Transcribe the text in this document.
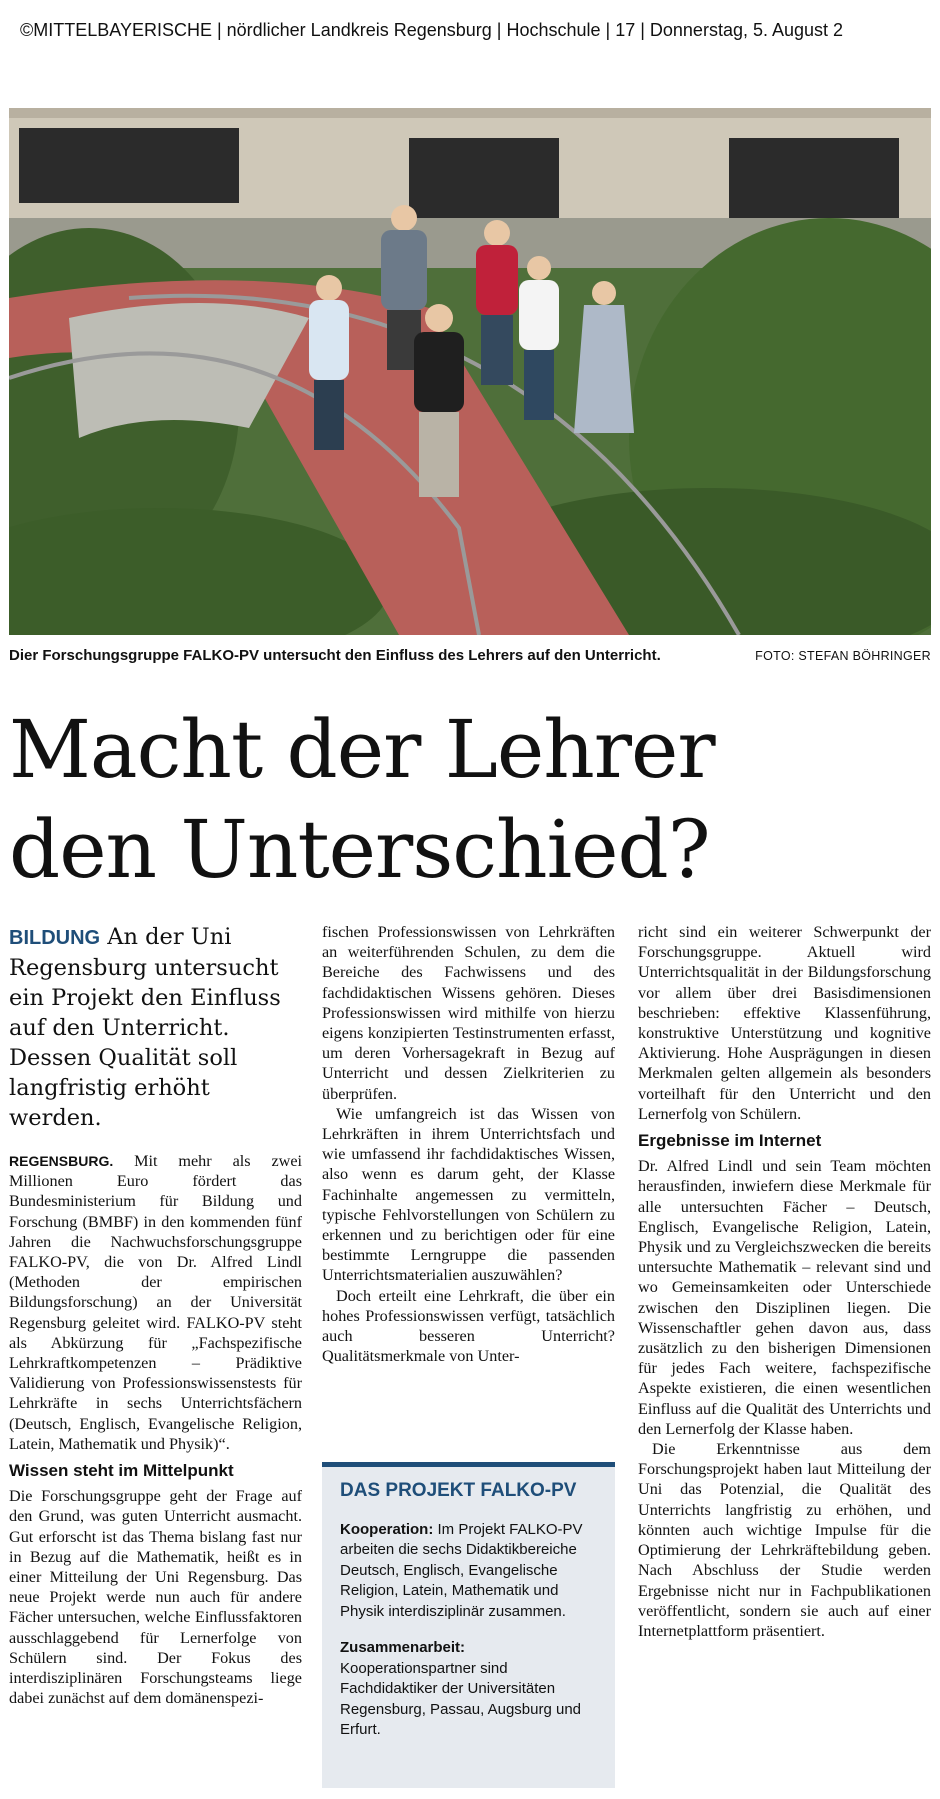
©MITTELBAYERISCHE | nördlicher Landkreis Regensburg | Hochschule | 17 | Donnerstag, 5. August 2
Dier Forschungsgruppe FALKO-PV untersucht den Einfluss des Lehrers auf den Unterricht.	FOTO: STEFAN BÖHRINGER
Macht der Lehrer
den Unterschied?

BILDUNG An der Uni Regensburg untersucht ein Projekt den Einfluss auf den Unterricht. Dessen Qualität soll langfristig erhöht werden.

REGENSBURG. Mit mehr als zwei Millionen Euro fördert das Bundesministerium für Bildung und Forschung (BMBF) in den kommenden fünf Jahren die Nachwuchsforschungsgruppe FALKO-PV, die von Dr. Alfred Lindl (Methoden der empirischen Bildungsforschung) an der Universität Regensburg geleitet wird. FALKO-PV steht als Abkürzung für „Fachspezifische Lehrkraftkompetenzen – Prädiktive Validierung von Professionswissenstests für Lehrkräfte in sechs Unterrichtsfächern (Deutsch, Englisch, Evangelische Religion, Latein, Mathematik und Physik)“.

Wissen steht im Mittelpunkt

Die Forschungsgruppe geht der Frage auf den Grund, was guten Unterricht ausmacht. Gut erforscht ist das Thema bislang fast nur in Bezug auf die Mathematik, heißt es in einer Mitteilung der Uni Regensburg. Das neue Projekt werde nun auch für andere Fächer untersuchen, welche Einflussfaktoren ausschlaggebend für Lernerfolge von Schülern sind. Der Fokus des interdisziplinären Forschungsteams liege dabei zunächst auf dem domänenspezi-

fischen Professionswissen von Lehrkräften an weiterführenden Schulen, zu dem die Bereiche des Fachwissens und des fachdidaktischen Wissens gehören. Dieses Professionswissen wird mithilfe von hierzu eigens konzipierten Testinstrumenten erfasst, um deren Vorhersagekraft in Bezug auf Unterricht und dessen Zielkriterien zu überprüfen.

Wie umfangreich ist das Wissen von Lehrkräften in ihrem Unterrichtsfach und wie umfassend ihr fachdidaktisches Wissen, also wenn es darum geht, der Klasse Fachinhalte angemessen zu vermitteln, typische Fehlvorstellungen von Schülern zu erkennen und zu berichtigen oder für eine bestimmte Lerngruppe die passenden Unterrichtsmaterialien auszuwählen?

Doch erteilt eine Lehrkraft, die über ein hohes Professionswissen verfügt, tatsächlich auch besseren Unterricht? Qualitätsmerkmale von Unter-

DAS PROJEKT FALKO-PV

Kooperation: Im Projekt FALKO-PV arbeiten die sechs Didaktikbereiche Deutsch, Englisch, Evangelische Religion, Latein, Mathematik und Physik interdisziplinär zusammen.

Zusammenarbeit: Kooperationspartner sind Fachdidaktiker der Universitäten Regensburg, Passau, Augsburg und Erfurt.

richt sind ein weiterer Schwerpunkt der Forschungsgruppe. Aktuell wird Unterrichtsqualität in der Bildungsforschung vor allem über drei Basisdimensionen beschrieben: effektive Klassenführung, konstruktive Unterstützung und kognitive Aktivierung. Hohe Ausprägungen in diesen Merkmalen gelten allgemein als besonders vorteilhaft für den Unterricht und den Lernerfolg von Schülern.

Ergebnisse im Internet

Dr. Alfred Lindl und sein Team möchten herausfinden, inwiefern diese Merkmale für alle untersuchten Fächer – Deutsch, Englisch, Evangelische Religion, Latein, Physik und zu Vergleichszwecken die bereits untersuchte Mathematik – relevant sind und wo Gemeinsamkeiten oder Unterschiede zwischen den Disziplinen liegen. Die Wissenschaftler gehen davon aus, dass zusätzlich zu den bisherigen Dimensionen für jedes Fach weitere, fachspezifische Aspekte existieren, die einen wesentlichen Einfluss auf die Qualität des Unterrichts und den Lernerfolg der Klasse haben.

Die Erkenntnisse aus dem Forschungsprojekt haben laut Mitteilung der Uni das Potenzial, die Qualität des Unterrichts langfristig zu erhöhen, und könnten auch wichtige Impulse für die Optimierung der Lehrkräftebildung geben. Nach Abschluss der Studie werden Ergebnisse nicht nur in Fachpublikationen veröffentlicht, sondern sie auch auf einer Internetplattform präsentiert.
